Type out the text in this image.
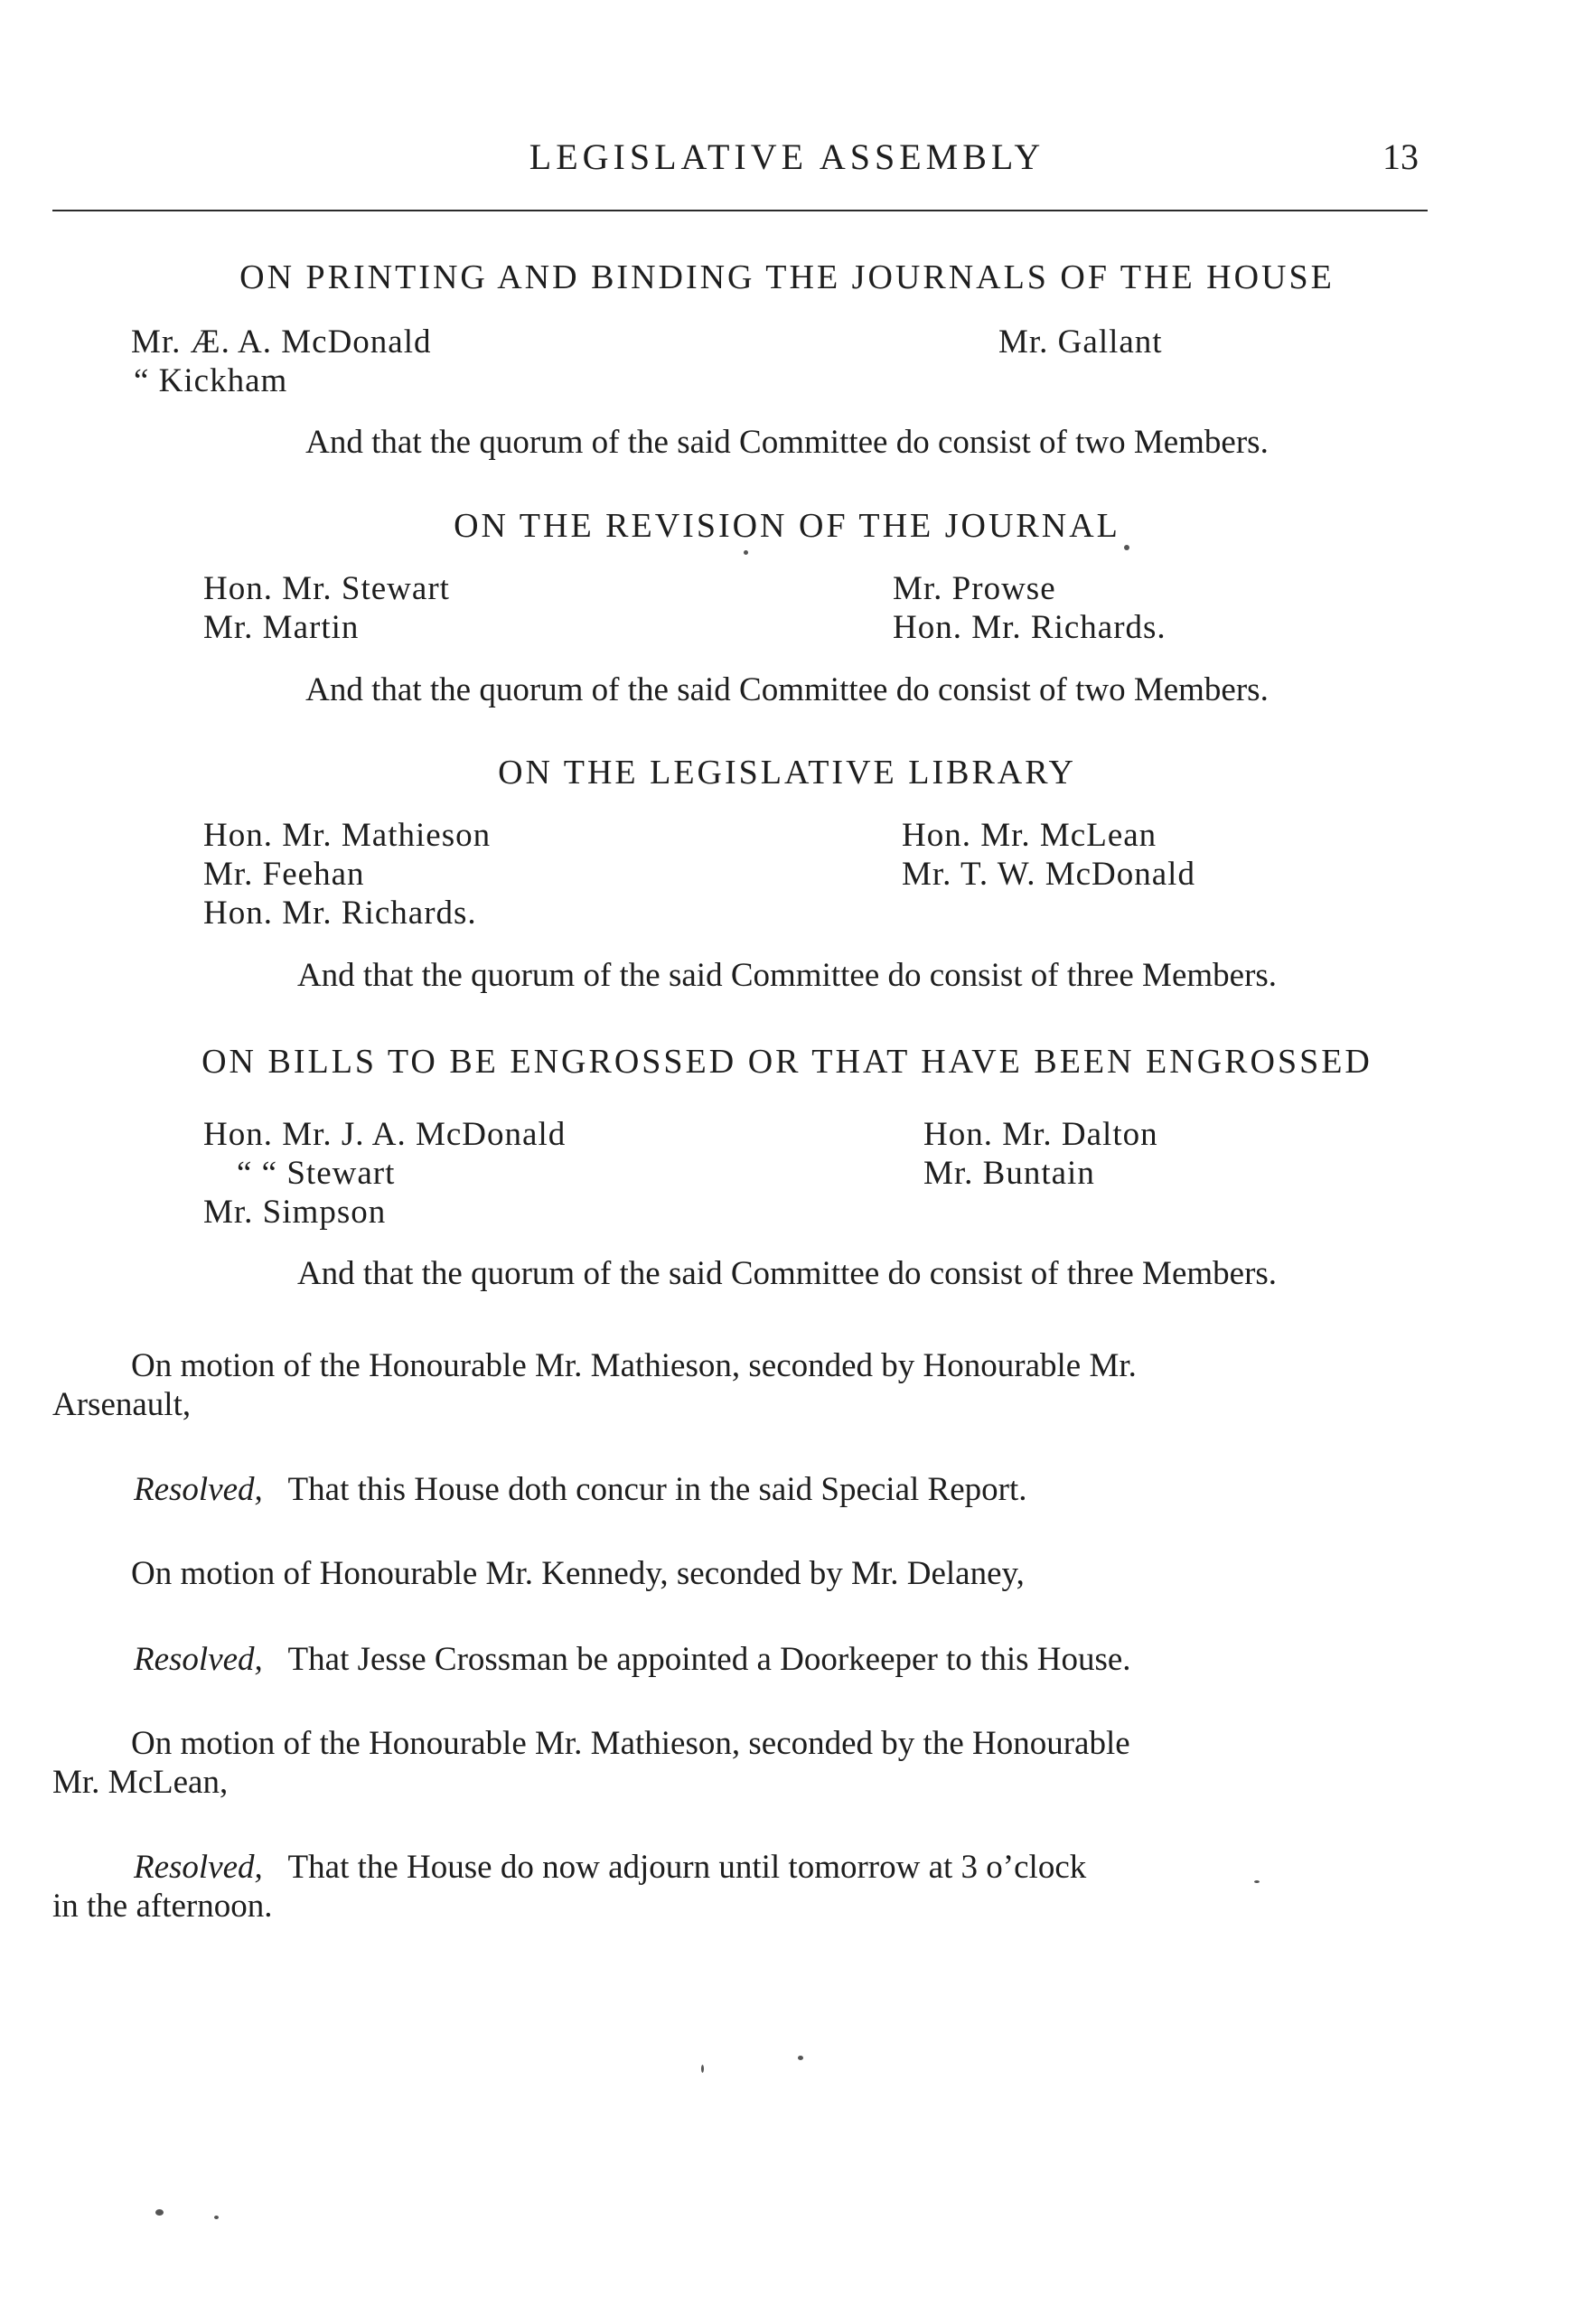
LEGISLATIVE ASSEMBLY	13
ON PRINTING AND BINDING THE JOURNALS OF THE HOUSE
Mr. Æ. A. McDonald
“ Kickham
Mr. Gallant
And that the quorum of the said Committee do consist of two Members.
ON THE REVISION OF THE JOURNAL
Hon. Mr. Stewart
Mr. Martin
Mr. Prowse
Hon. Mr. Richards.
And that the quorum of the said Committee do consist of two Members.
ON THE LEGISLATIVE LIBRARY
Hon. Mr. Mathieson
Mr. Feehan
Hon. Mr. Richards.
Hon. Mr. McLean
Mr. T. W. McDonald
And that the quorum of the said Committee do consist of three Members.
ON BILLS TO BE ENGROSSED OR THAT HAVE BEEN ENGROSSED
Hon. Mr. J. A. McDonald
“ “ Stewart
Mr. Simpson
Hon. Mr. Dalton
Mr. Buntain
And that the quorum of the said Committee do consist of three Members.
On motion of the Honourable Mr. Mathieson, seconded by Honourable Mr.
Arsenault,
Resolved, That this House doth concur in the said Special Report.
On motion of Honourable Mr. Kennedy, seconded by Mr. Delaney,
Resolved, That Jesse Crossman be appointed a Doorkeeper to this House.
On motion of the Honourable Mr. Mathieson, seconded by the Honourable
Mr. McLean,
Resolved, That the House do now adjourn until tomorrow at 3 o’clock
in the afternoon.
